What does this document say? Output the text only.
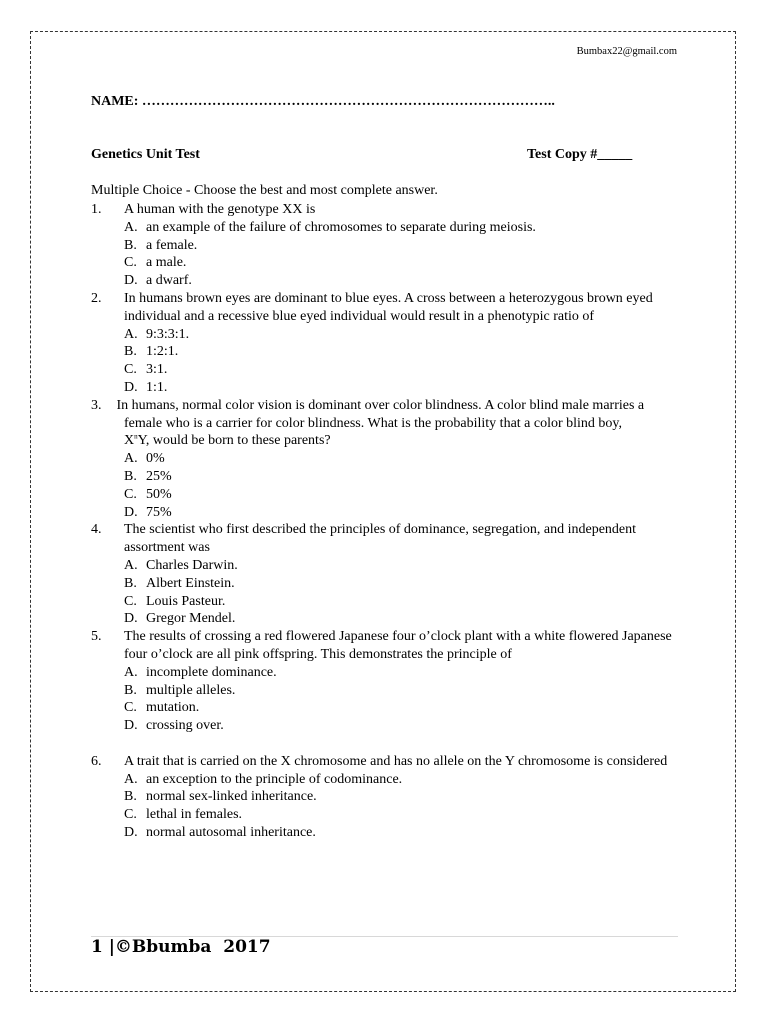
Bumbax22@gmail.com
NAME: ……………………………………………………………………………..
Genetics Unit Test	Test Copy #_____
Multiple Choice - Choose the best and most complete answer.
1. A human with the genotype XX is
A. an example of the failure of chromosomes to separate during meiosis.
B. a female.
C. a male.
D. a dwarf.
2. In humans brown eyes are dominant to blue eyes. A cross between a heterozygous brown eyed individual and a recessive blue eyed individual would result in a phenotypic ratio of
A. 9:3:3:1.
B. 1:2:1.
C. 3:1.
D. 1:1.
3. In humans, normal color vision is dominant over color blindness. A color blind male marries a
female who is a carrier for color blindness. What is the probability that a color blind boy,
$X^nY$, would be born to these parents?
A. 0%
B. 25%
C. 50%
D. 75%
4. The scientist who first described the principles of dominance, segregation, and independent assortment was
A. Charles Darwin.
B. Albert Einstein.
C. Louis Pasteur.
D. Gregor Mendel.
5. The results of crossing a red flowered Japanese four o’clock plant with a white flowered Japanese four o’clock are all pink offspring. This demonstrates the principle of
A. incomplete dominance.
B. multiple alleles.
C. mutation.
D. crossing over.
6. A trait that is carried on the X chromosome and has no allele on the Y chromosome is considered
A. an exception to the principle of codominance.
B. normal sex-linked inheritance.
C. lethal in females.
D. normal autosomal inheritance.
1 |©Bbumba  2017
